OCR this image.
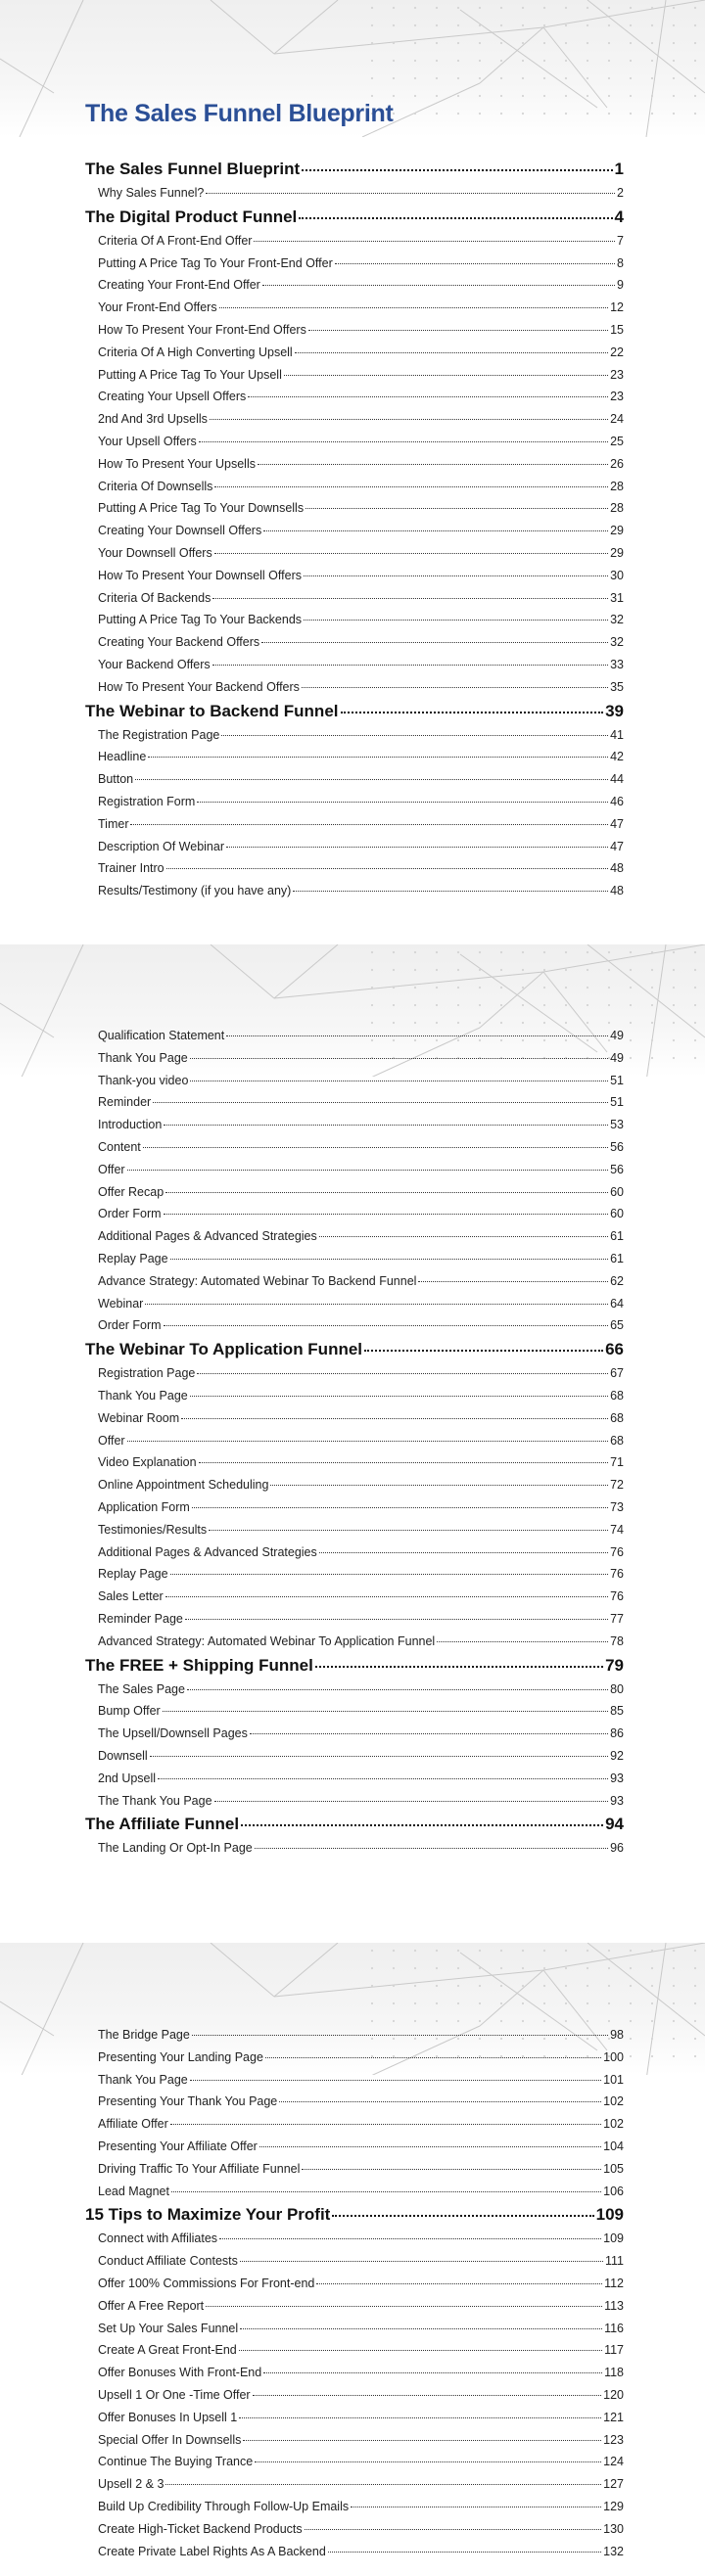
The Sales Funnel Blueprint
The Sales Funnel Blueprint	1
Why Sales Funnel?	2
The Digital Product Funnel	4
Criteria Of A Front-End Offer	7
Putting A Price Tag To Your Front-End Offer	8
Creating Your Front-End Offer	9
Your Front-End Offers	12
How To Present Your Front-End Offers	15
Criteria Of A High Converting Upsell	22
Putting A Price Tag To Your Upsell	23
Creating Your Upsell Offers	23
2nd And 3rd Upsells	24
Your Upsell Offers	25
How To Present Your Upsells	26
Criteria Of Downsells	28
Putting A Price Tag To Your Downsells	28
Creating Your Downsell Offers	29
Your Downsell Offers	29
How To Present Your Downsell Offers	30
Criteria Of Backends	31
Putting A Price Tag To Your Backends	32
Creating Your Backend Offers	32
Your Backend Offers	33
How To Present Your Backend Offers	35
The Webinar to Backend Funnel	39
The Registration Page	41
Headline	42
Button	44
Registration Form	46
Timer	47
Description Of Webinar	47
Trainer Intro	48
Results/Testimony (if you have any)	48
Qualification Statement	49
Thank You Page	49
Thank-you video	51
Reminder	51
Introduction	53
Content	56
Offer	56
Offer Recap	60
Order Form	60
Additional Pages & Advanced Strategies	61
Replay Page	61
Advance Strategy: Automated Webinar To Backend Funnel	62
Webinar	64
Order Form	65
The Webinar To Application Funnel	66
Registration Page	67
Thank You Page	68
Webinar Room	68
Offer	68
Video Explanation	71
Online Appointment Scheduling	72
Application Form	73
Testimonies/Results	74
Additional Pages & Advanced Strategies	76
Replay Page	76
Sales Letter	76
Reminder Page	77
Advanced Strategy: Automated Webinar To Application Funnel	78
The FREE + Shipping Funnel	79
The Sales Page	80
Bump Offer	85
The Upsell/Downsell Pages	86
Downsell	92
2nd Upsell	93
The Thank You Page	93
The Affiliate Funnel	94
The Landing Or Opt-In Page	96
The Bridge Page	98
Presenting Your Landing Page	100
Thank You Page	101
Presenting Your Thank You Page	102
Affiliate Offer	102
Presenting Your Affiliate Offer	104
Driving Traffic To Your Affiliate Funnel	105
Lead Magnet	106
15 Tips to Maximize Your Profit	109
Connect with Affiliates	109
Conduct Affiliate Contests	111
Offer 100% Commissions For Front-end	112
Offer A Free Report	113
Set Up Your Sales Funnel	116
Create A Great Front-End	117
Offer Bonuses With Front-End	118
Upsell 1 Or One -Time Offer	120
Offer Bonuses In Upsell 1	121
Special Offer In Downsells	123
Continue The Buying Trance	124
Upsell 2 & 3	127
Build Up Credibility Through Follow-Up Emails	129
Create High-Ticket Backend Products	130
Create Private Label Rights As A Backend	132
